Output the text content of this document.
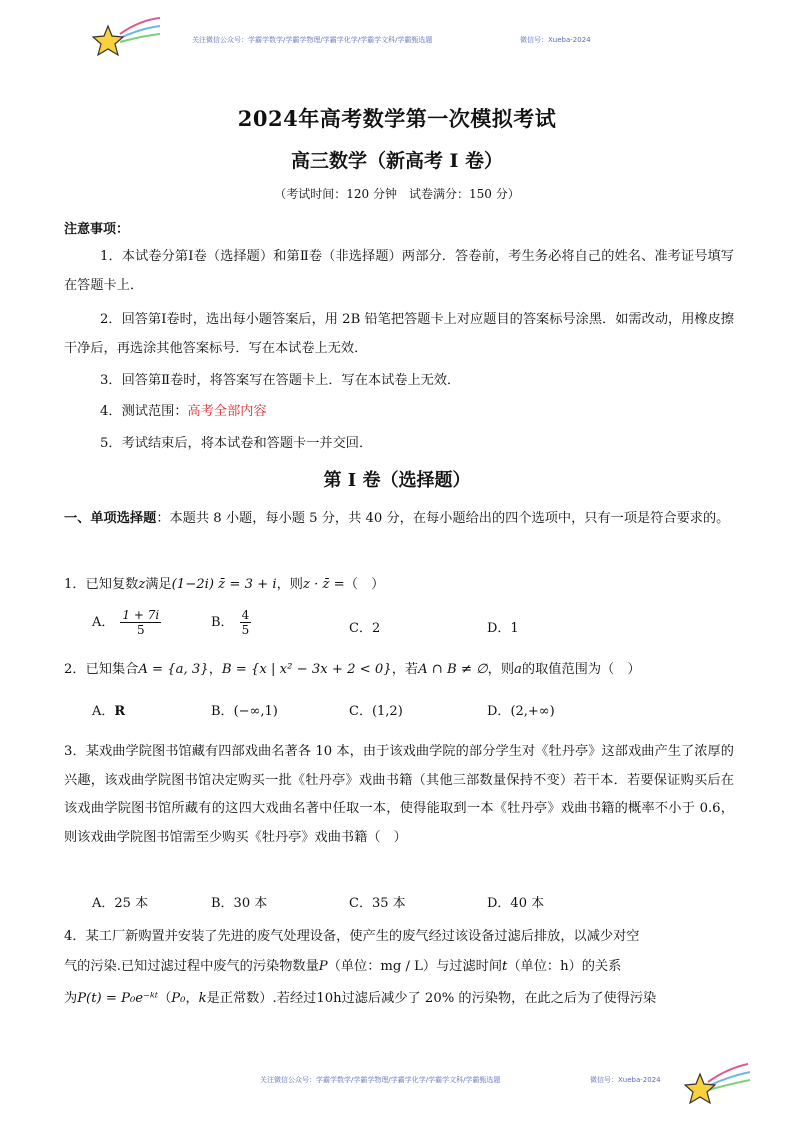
关注微信公众号：学霸学数学/学霸学物理/学霸学化学/学霸学文科/学霸甄选题	微信号：Xueba-2024
2024年高考数学第一次模拟考试
高三数学（新高考 I 卷）
（考试时间：120 分钟　试卷满分：150 分）
注意事项：
1．本试卷分第Ⅰ卷（选择题）和第Ⅱ卷（非选择题）两部分．答卷前，考生务必将自己的姓名、准考证号填写在答题卡上．
2．回答第Ⅰ卷时，选出每小题答案后，用 2B 铅笔把答题卡上对应题目的答案标号涂黑．如需改动，用橡皮擦干净后，再选涂其他答案标号．写在本试卷上无效．
3．回答第Ⅱ卷时，将答案写在答题卡上．写在本试卷上无效．
4．测试范围：高考全部内容
5．考试结束后，将本试卷和答题卡一并交回．
第 I 卷（选择题）
一、单项选择题：本题共 8 小题，每小题 5 分，共 40 分，在每小题给出的四个选项中，只有一项是符合要求的。
1．已知复数z满足(1−2i) z̄ = 3 + i，则z · z̄ =（　）
A． $\frac{1 + 7i}{5}$	B． $\frac{4}{5}$	C．2	D．1
2．已知集合A = {a, 3}，B = {x | x² − 3x + 2 < 0}，若A ∩ B ≠ ∅，则a的取值范围为（　）
A．R	B．(−∞,1)	C．(1,2)	D．(2,+∞)
3．某戏曲学院图书馆藏有四部戏曲名著各 10 本，由于该戏曲学院的部分学生对《牡丹亭》这部戏曲产生了浓厚的兴趣，该戏曲学院图书馆决定购买一批《牡丹亭》戏曲书籍（其他三部数量保持不变）若干本．若要保证购买后在该戏曲学院图书馆所藏有的这四大戏曲名著中任取一本，使得能取到一本《牡丹亭》戏曲书籍的概率不小于 0.6，则该戏曲学院图书馆需至少购买《牡丹亭》戏曲书籍（　）
A．25 本	B．30 本	C．35 本	D．40 本
4．某工厂新购置并安装了先进的废气处理设备，使产生的废气经过该设备过滤后排放，以减少对空
气的污染.已知过滤过程中废气的污染物数量P（单位：mg / L）与过滤时间t（单位：h）的关系
为P(t) = P₀e⁻ᵏᵗ（P₀，k是正常数）.若经过10h过滤后减少了 20% 的污染物，在此之后为了使得污染
关注微信公众号：学霸学数学/学霸学物理/学霸学化学/学霸学文科/学霸甄选题	微信号：Xueba-2024
